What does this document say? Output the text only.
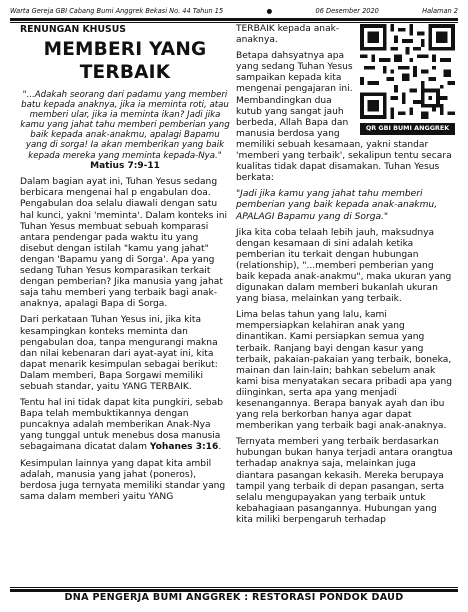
Warta Gereja GBI Cabang Bumi Anggrek Bekasi No. 44 Tahun 15	●	06 Desember 2020	Halaman 2
RENUNGAN KHUSUS
MEMBERI YANG
TERBAIK
"...Adakah seorang dari padamu yang memberi batu kepada anaknya, jika ia meminta roti, atau memberi ular, jika ia meminta ikan? Jadi jika kamu yang jahat tahu memberi pemberian yang baik kepada anak-anakmu, apalagi Bapamu yang di sorga! Ia akan memberikan yang baik kepada mereka yang meminta kepada-Nya." Matius 7:9-11

Dalam bagian ayat ini, Tuhan Yesus sedang berbicara mengenai hal p engabulan doa. Pengabulan doa selalu diawali dengan satu hal kunci, yakni 'meminta'. Dalam konteks ini Tuhan Yesus membuat sebuah komparasi antara pendengar pada waktu itu yang disebut dengan istilah "kamu yang jahat" dengan 'Bapamu yang di Sorga'. Apa yang sedang Tuhan Yesus komparasikan terkait dengan pemberian? Jika manusia yang jahat saja tahu memberi yang terbaik bagi anak-anaknya, apalagi Bapa di Sorga.

Dari perkataan Tuhan Yesus ini, jika kita kesampingkan konteks meminta dan pengabulan doa, tanpa mengurangi makna dan nilai kebenaran dari ayat-ayat ini, kita dapat menarik kesimpulan sebagai berikut: Dalam memberi, Bapa Sorgawi memiliki sebuah standar, yaitu YANG TERBAIK.

Tentu hal ini tidak dapat kita pungkiri, sebab Bapa telah membuktikannya dengan puncaknya adalah memberikan Anak-Nya yang tunggal untuk menebus dosa manusia sebagaimana dicatat dalam Yohanes 3:16.

Kesimpulan lainnya yang dapat kita ambil adalah, manusia yang jahat (poneros), berdosa juga ternyata memiliki standar yang sama dalam memberi yaitu YANG

QR GBI BUMI ANGGREK

TERBAIK kepada anak-anaknya.

Betapa dahsyatnya apa yang sedang Tuhan Yesus sampaikan kepada kita mengenai pengajaran ini. Membandingkan dua kutub yang sangat jauh berbeda, Allah Bapa dan manusia berdosa yang memiliki sebuah kesamaan, yakni standar 'memberi yang terbaik', sekalipun tentu secara kualitas tidak dapat disamakan. Tuhan Yesus berkata:

"Jadi jika kamu yang jahat tahu memberi pemberian yang baik kepada anak-anakmu, APALAGI Bapamu yang di Sorga."

Jika kita coba telaah lebih jauh, maksudnya dengan kesamaan di sini adalah ketika pemberian itu terkait dengan hubungan (relationship), "...memberi pemberian yang baik kepada anak-anakmu", maka ukuran yang digunakan dalam memberi bukanlah ukuran yang biasa, melainkan yang terbaik.

Lima belas tahun yang lalu, kami mempersiapkan kelahiran anak yang dinantikan. Kami persiapkan semua yang terbaik. Ranjang bayi dengan kasur yang terbaik, pakaian-pakaian yang terbaik, boneka, mainan dan lain-lain; bahkan sebelum anak kami bisa menyatakan secara pribadi apa yang diinginkan, serta apa yang menjadi kesenangannya. Berapa banyak ayah dan ibu yang rela berkorban hanya agar dapat memberikan yang terbaik bagi anak-anaknya.

Ternyata memberi yang terbaik berdasarkan hubungan bukan hanya terjadi antara orangtua terhadap anaknya saja, melainkan juga diantara pasangan kekasih. Mereka berupaya tampil yang terbaik di depan pasangan, serta selalu mengupayakan yang terbaik untuk kebahagiaan pasangannya. Hubungan yang kita miliki berpengaruh terhadap

DNA PENGERJA BUMI ANGGREK : RESTORASI PONDOK DAUD
